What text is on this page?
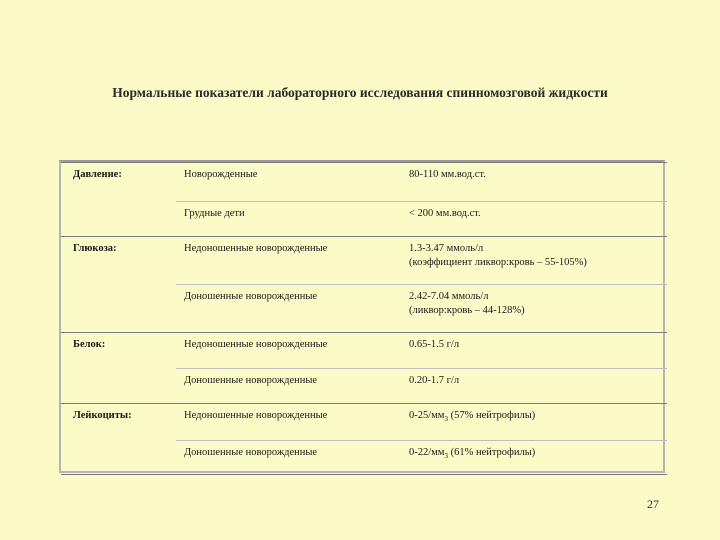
Нормальные показатели лабораторного исследования спинномозговой жидкости
Давление:	Новорожденные	80-110 мм.вод.ст.
	Грудные дети	< 200 мм.вод.ст.
Глюкоза:	Недоношенные новорожденные	1.3-3.47 ммоль/л
(коэффициент ликвор:кровь – 55-105%)

	Доношенные новорожденные	2.42-7.04 ммоль/л
(ликвор:кровь – 44-128%)

Белок:	Недоношенные новорожденные	0.65-1.5 г/л
	Доношенные новорожденные	0.20-1.7 г/л
Лейкоциты:	Недоношенные новорожденные	$0-25/мм_3$ (57% нейтрофилы)
	Доношенные новорожденные	$0-22/мм_3$ (61% нейтрофилы)
27
